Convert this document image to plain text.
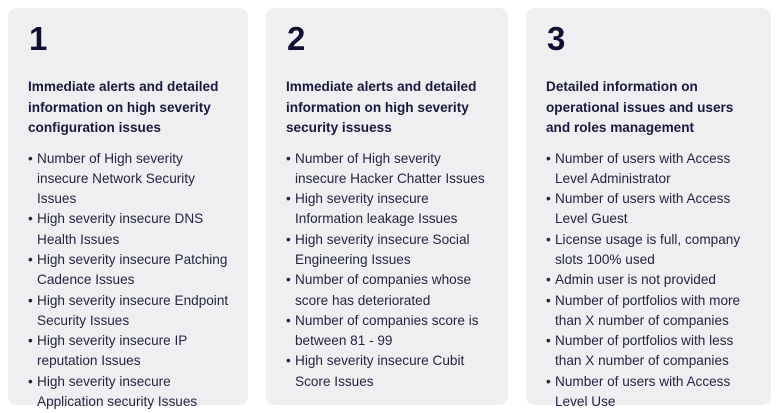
1
Immediate alerts and detailed information on high severity configuration issues
• Number of High severity insecure Network Security Issues
• High severity insecure DNS Health Issues
• High severity insecure Patching Cadence Issues
• High severity insecure Endpoint Security Issues
• High severity insecure IP reputation Issues
• High severity insecure Application security Issues
2
Immediate alerts and detailed information on high severity security issuess
• Number of High severity insecure Hacker Chatter Issues
• High severity insecure Information leakage Issues
• High severity insecure Social Engineering Issues
• Number of companies whose score has deteriorated
• Number of companies score is between 81 - 99
• High severity insecure Cubit Score Issues
3
Detailed information on operational issues and users and roles management
• Number of users with Access Level Administrator
• Number of users with Access Level Guest
• License usage is full, company slots 100% used
• Admin user is not provided
• Number of portfolios with more than X number of companies
• Number of portfolios with less than X number of companies
• Number of users with Access Level Use
